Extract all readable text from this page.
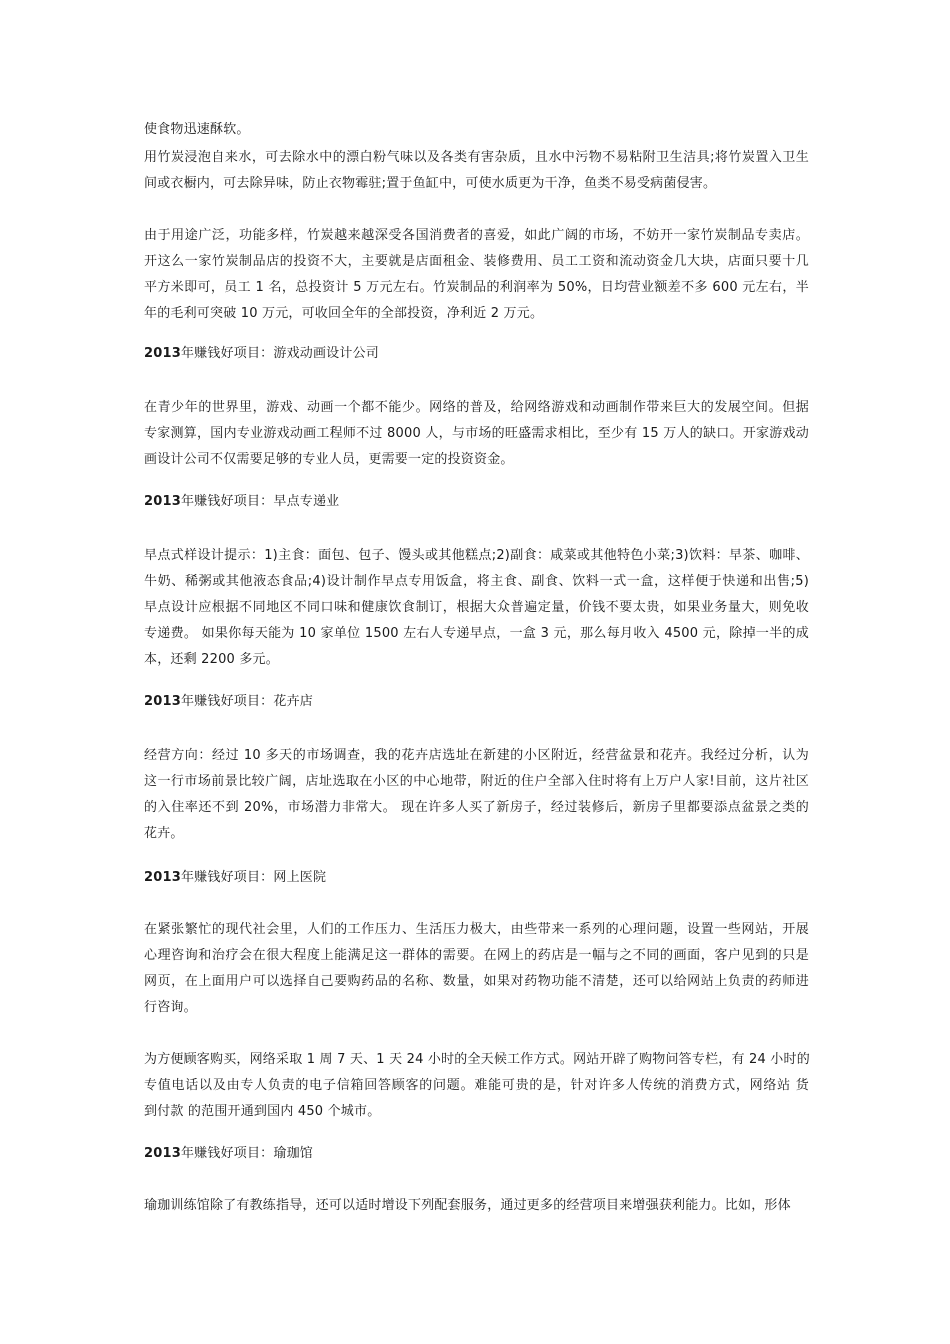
使食物迅速酥软。
用竹炭浸泡自来水，可去除水中的漂白粉气味以及各类有害杂质，且水中污物不易粘附卫生洁具;将竹炭置入卫生
间或衣橱内，可去除异味，防止衣物霉驻;置于鱼缸中，可使水质更为干净，鱼类不易受病菌侵害。
由于用途广泛，功能多样，竹炭越来越深受各国消费者的喜爱，如此广阔的市场，不妨开一家竹炭制品专卖店。
开这么一家竹炭制品店的投资不大，主要就是店面租金、装修费用、员工工资和流动资金几大块，店面只要十几
平方米即可，员工 1 名，总投资计 5 万元左右。竹炭制品的利润率为 50%，日均营业额差不多 600 元左右，半
年的毛利可突破 10 万元，可收回全年的全部投资，净利近 2 万元。
2013年赚钱好项目：游戏动画设计公司
在青少年的世界里，游戏、动画一个都不能少。网络的普及，给网络游戏和动画制作带来巨大的发展空间。但据
专家测算，国内专业游戏动画工程师不过 8000 人，与市场的旺盛需求相比，至少有 15 万人的缺口。开家游戏动
画设计公司不仅需要足够的专业人员，更需要一定的投资资金。
2013年赚钱好项目：早点专递业
早点式样设计提示：1)主食：面包、包子、馒头或其他糕点;2)副食：咸菜或其他特色小菜;3)饮料：早茶、咖啡、
牛奶、稀粥或其他液态食品;4)设计制作早点专用饭盒，将主食、副食、饮料一式一盒，这样便于快递和出售;5)
早点设计应根据不同地区不同口味和健康饮食制订，根据大众普遍定量，价钱不要太贵，如果业务量大，则免收
专递费。 如果你每天能为 10 家单位 1500 左右人专递早点，一盒 3 元，那么每月收入 4500 元，除掉一半的成
本，还剩 2200 多元。
2013年赚钱好项目：花卉店
经营方向：经过 10 多天的市场调查，我的花卉店选址在新建的小区附近，经营盆景和花卉。我经过分析，认为
这一行市场前景比较广阔，店址选取在小区的中心地带，附近的住户全部入住时将有上万户人家!目前，这片社区
的入住率还不到 20%，市场潜力非常大。 现在许多人买了新房子，经过装修后，新房子里都要添点盆景之类的
花卉。
2013年赚钱好项目：网上医院
在紧张繁忙的现代社会里，人们的工作压力、生活压力极大，由些带来一系列的心理问题，设置一些网站，开展
心理咨询和治疗会在很大程度上能满足这一群体的需要。在网上的药店是一幅与之不同的画面，客户见到的只是
网页，在上面用户可以选择自己要购药品的名称、数量，如果对药物功能不清楚，还可以给网站上负责的药师进
行咨询。
为方便顾客购买，网络采取 1 周 7 天、1 天 24 小时的全天候工作方式。网站开辟了购物问答专栏，有 24 小时的
专值电话以及由专人负责的电子信箱回答顾客的问题。难能可贵的是，针对许多人传统的消费方式，网络站 货
到付款 的范围开通到国内 450 个城市。
2013年赚钱好项目：瑜珈馆
瑜珈训练馆除了有教练指导，还可以适时增设下列配套服务，通过更多的经营项目来增强获利能力。比如，形体
